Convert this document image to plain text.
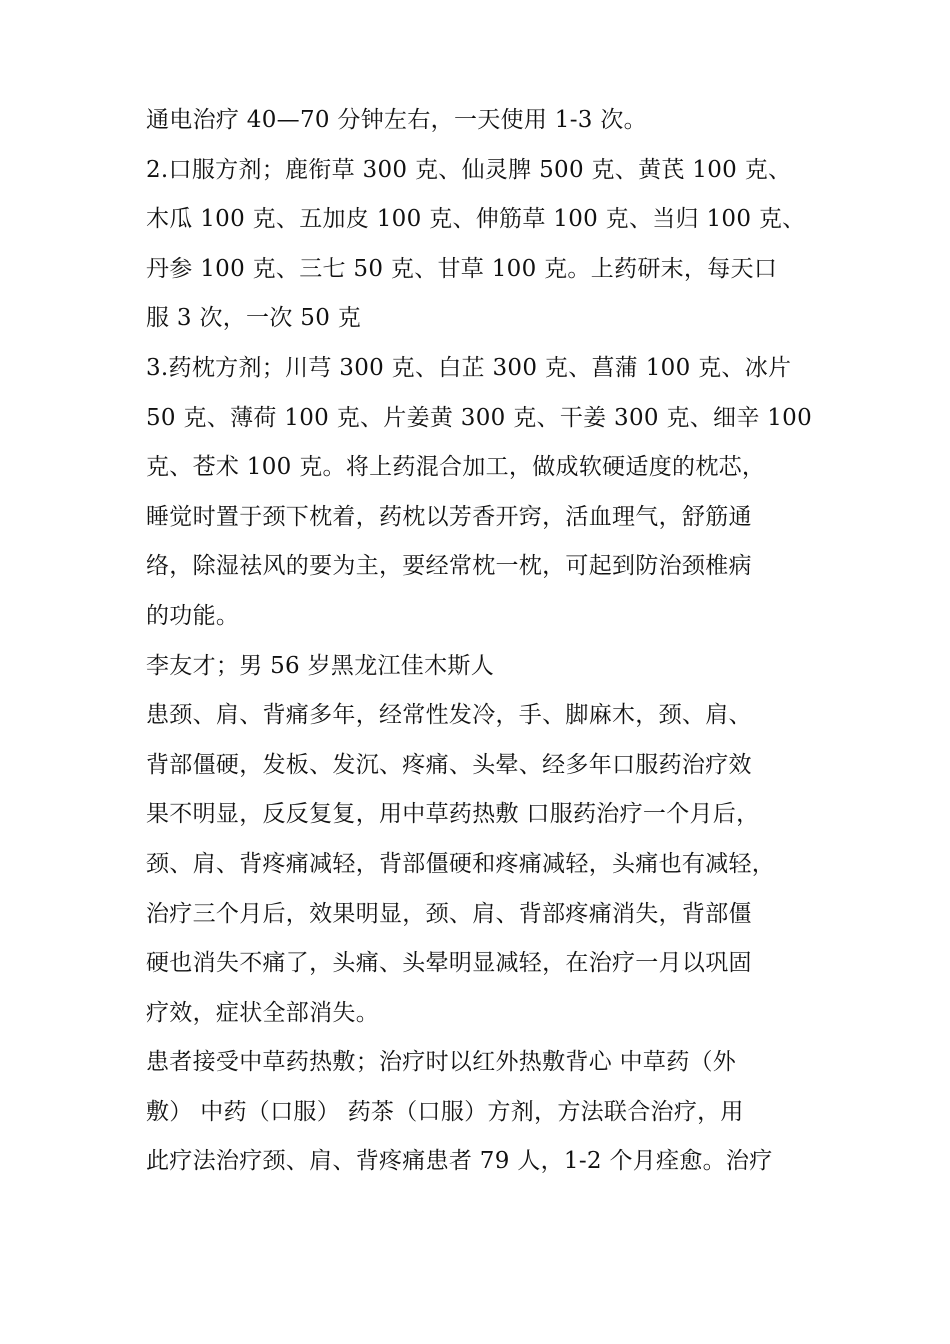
通电治疗 40—70 分钟左右，一天使用 1-3 次。
2.口服方剂；鹿衔草 300 克、仙灵脾 500 克、黄芪 100 克、
木瓜 100 克、五加皮 100 克、伸筋草 100 克、当归 100 克、
丹参 100 克、三七 50 克、甘草 100 克。上药研末，每天口
服 3 次，一次 50 克
3.药枕方剂；川芎 300 克、白芷 300 克、菖蒲 100 克、冰片
50 克、薄荷 100 克、片姜黄 300 克、干姜 300 克、细辛 100
克、苍术 100 克。将上药混合加工，做成软硬适度的枕芯，
睡觉时置于颈下枕着，药枕以芳香开窍，活血理气，舒筋通
络，除湿祛风的要为主，要经常枕一枕，可起到防治颈椎病
的功能。
李友才；男 56 岁黑龙江佳木斯人
患颈、肩、背痛多年，经常性发冷，手、脚麻木，颈、肩、
背部僵硬，发板、发沉、疼痛、头晕、经多年口服药治疗效
果不明显，反反复复，用中草药热敷 口服药治疗一个月后，
颈、肩、背疼痛减轻，背部僵硬和疼痛减轻，头痛也有减轻，
治疗三个月后，效果明显，颈、肩、背部疼痛消失，背部僵
硬也消失不痛了，头痛、头晕明显减轻，在治疗一月以巩固
疗效，症状全部消失。
患者接受中草药热敷；治疗时以红外热敷背心 中草药（外
敷） 中药（口服） 药茶（口服）方剂，方法联合治疗，用
此疗法治疗颈、肩、背疼痛患者 79 人，1-2 个月痊愈。治疗
